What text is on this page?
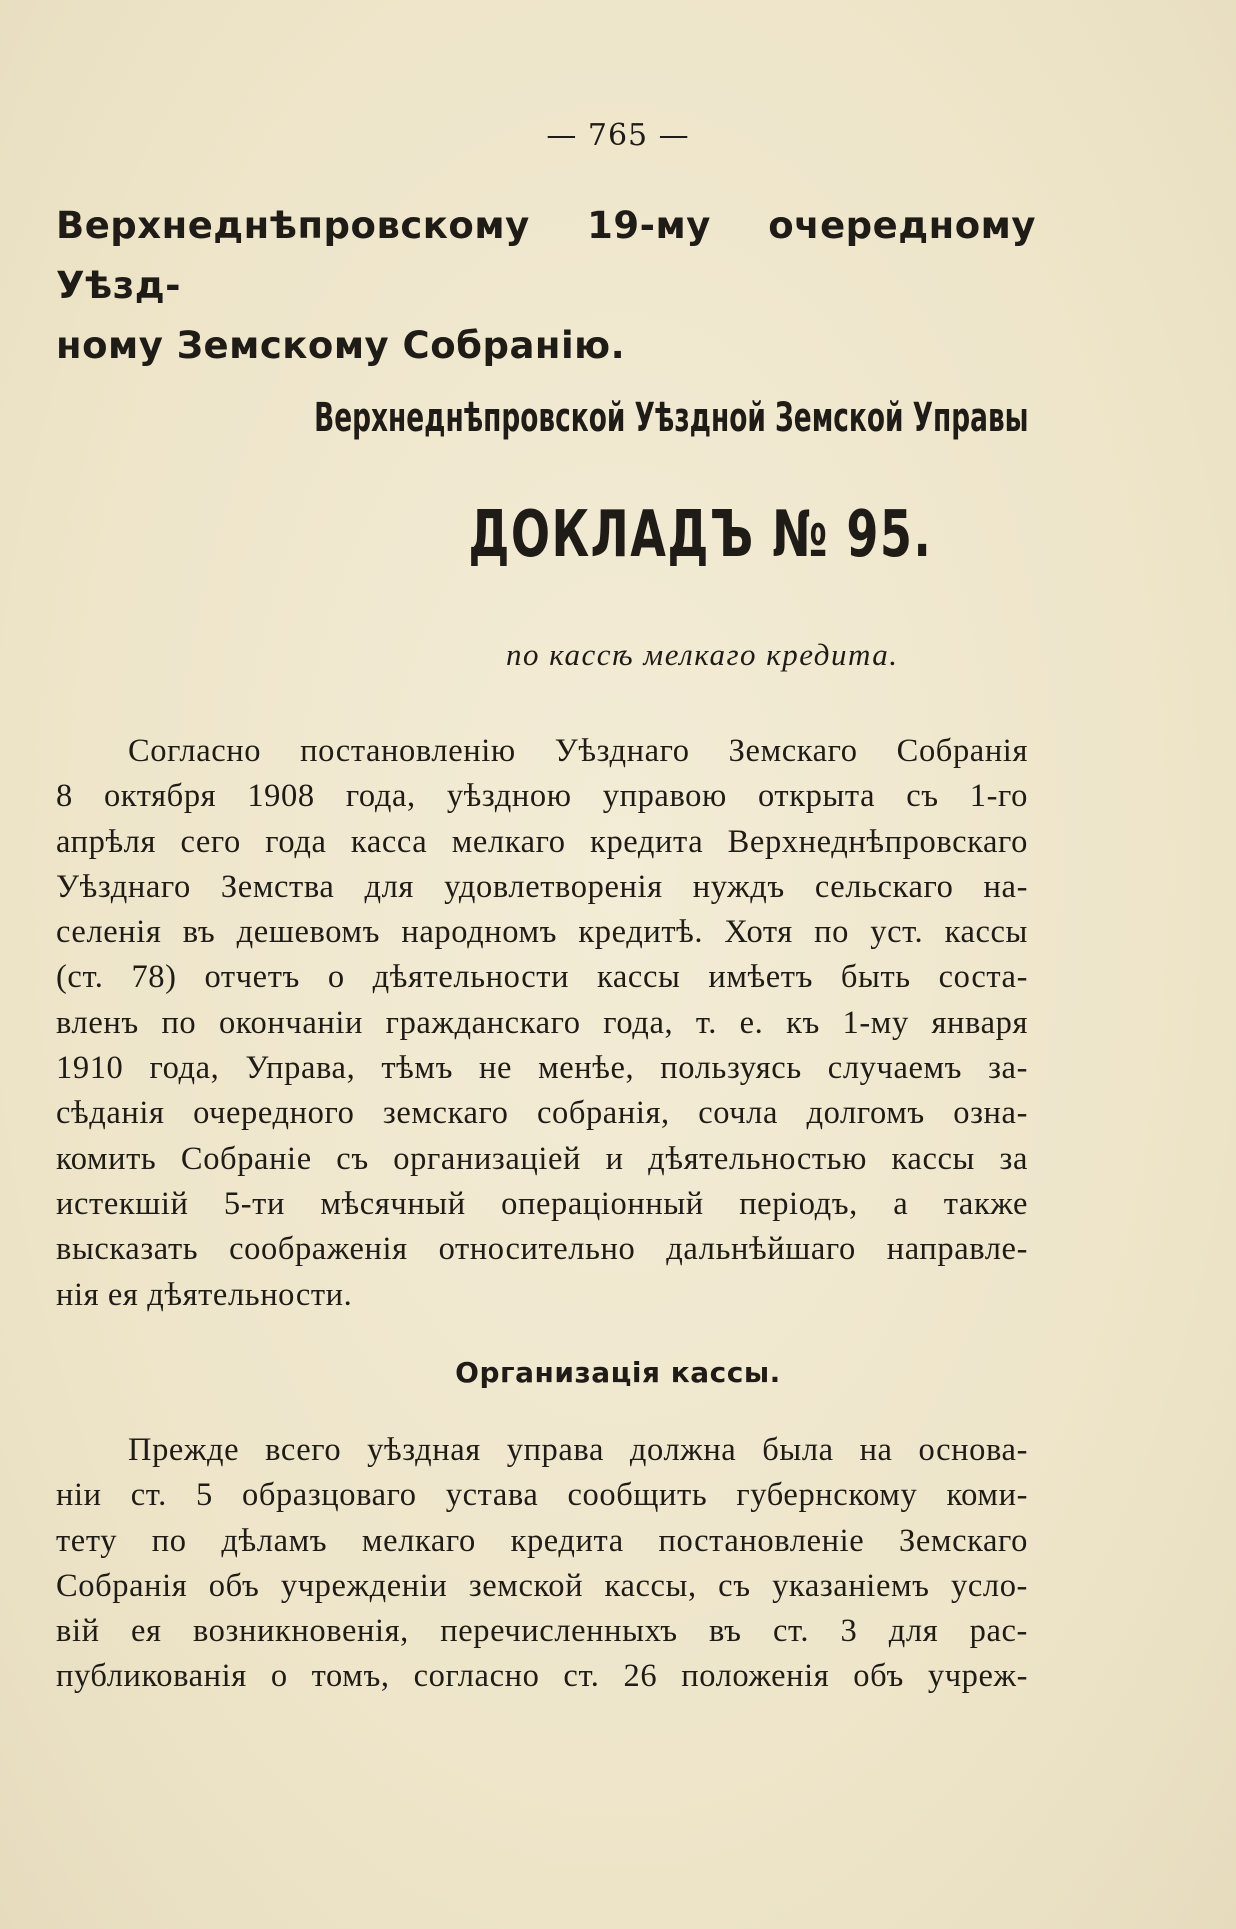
— 765 —
Верхнеднѣпровскому 19-му очередному Уѣзд-
ному Земскому Собранію.
Верхнеднѣпровской Уѣздной Земской Управы
ДОКЛАДЪ № 95.
по кассѣ мелкаго кредита.
Согласно постановленію Уѣзднаго Земскаго Собранія
8 октября 1908 года, уѣздною управою открыта съ 1-го
апрѣля сего года касса мелкаго кредита Верхнеднѣпровскаго
Уѣзднаго Земства для удовлетворенія нуждъ сельскаго на-
селенія въ дешевомъ народномъ кредитѣ. Хотя по уст. кассы
(ст. 78) отчетъ о дѣятельности кассы имѣетъ быть соста-
вленъ по окончаніи гражданскаго года, т. е. къ 1-му января
1910 года, Управа, тѣмъ не менѣе, пользуясь случаемъ за-
сѣданія очередного земскаго собранія, сочла долгомъ озна-
комить Собраніе съ организаціей и дѣятельностью кассы за
истекшій 5-ти мѣсячный операціонный періодъ, а также
высказать соображенія относительно дальнѣйшаго направле-
нія ея дѣятельности.
Организація кассы.
Прежде всего уѣздная управа должна была на основа-
ніи ст. 5 образцоваго устава сообщить губернскому коми-
тету по дѣламъ мелкаго кредита постановленіе Земскаго
Собранія объ учрежденіи земской кассы, съ указаніемъ усло-
вій ея возникновенія, перечисленныхъ въ ст. 3 для рас-
публикованія о томъ, согласно ст. 26 положенія объ учреж-
